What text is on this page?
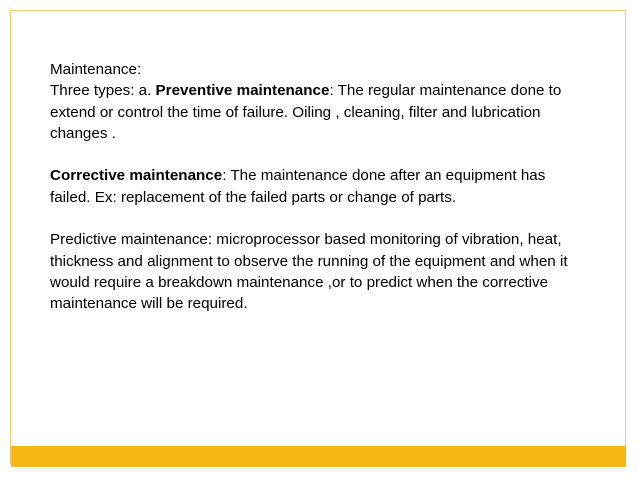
Maintenance:
Three types: a. Preventive maintenance: The regular maintenance done to
extend or control the time of failure. Oiling , cleaning, filter and lubrication
changes .
Corrective maintenance: The maintenance done after an equipment has
failed. Ex: replacement of the failed parts or change of parts.
Predictive maintenance: microprocessor based monitoring of vibration, heat,
thickness and alignment to observe the running of the equipment and when it
would require a breakdown maintenance ,or to predict when the corrective
maintenance will be required.
